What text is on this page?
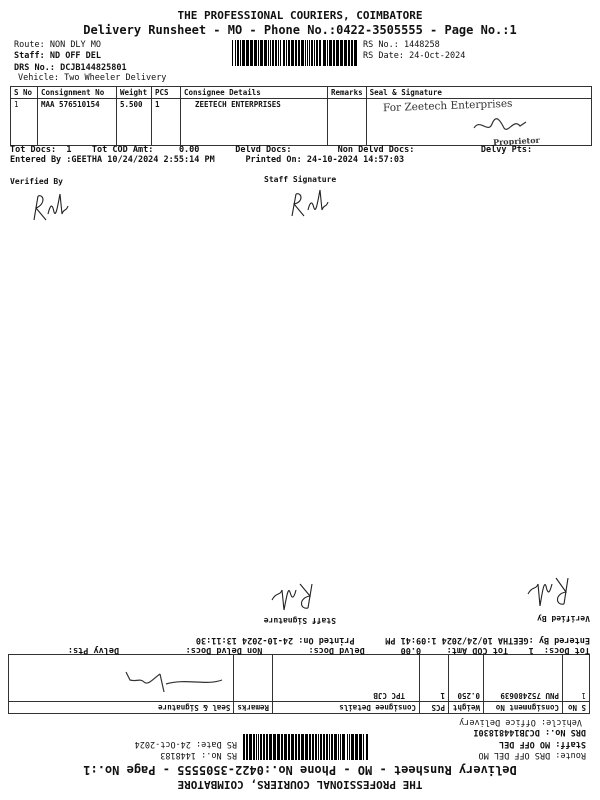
THE PROFESSIONAL COURIERS, COIMBATORE
Delivery Runsheet - MO - Phone No.:0422-3505555 - Page No.:1
Route: NON DLY MO
Staff: ND OFF DEL
DRS No.: DCJB144825801
Vehicle: Two Wheeler Delivery
RS No.: 1448258
RS Date: 24-Oct-2024
S No	Consignment No	Weight	PCS	Consignee Details	Remarks	Seal & Signature
1	MAA 576510154	5.500	1	ZEETECH ENTERPRISES			For Zeetech Enterprises
Proprietor
Tot Docs: 1 Tot COD Amt:	0.00	Delvd Docs:	Non Delvd Docs:	Delvy Pts:
Entered By :GEETHA 10/24/2024 2:55:14 PM	Printed On: 24-10-2024 14:57:03
Verified By	Staff Signature
THE PROFESSIONAL COURIERS, COIMBATORE
Delivery Runsheet - MO - Phone No.:0422-3505555 - Page No.:1
Route: DRS OFF DEL MO
Staff: MO OFF DEL
DRS No.: DCJB14481830I
Vehicle: Office Delivery
RS No.: 1448183
RS Date: 24-Oct-2024
S No	Consignment No	Weight	PCS	Consignee Details	Remarks	Seal & Signature
1	PNU 752480639	0.250	1	TPC CJB		
Tot Docs:  1    Tot COD Amt:     0.00       Delvd Docs:         Non Delvd Docs:             Delvy Pts:
Entered By :GEETHA 10/24/2024 1:09:41 PM      Printed On: 24-10-2024 13:11:30
Verified By
Staff Signature
